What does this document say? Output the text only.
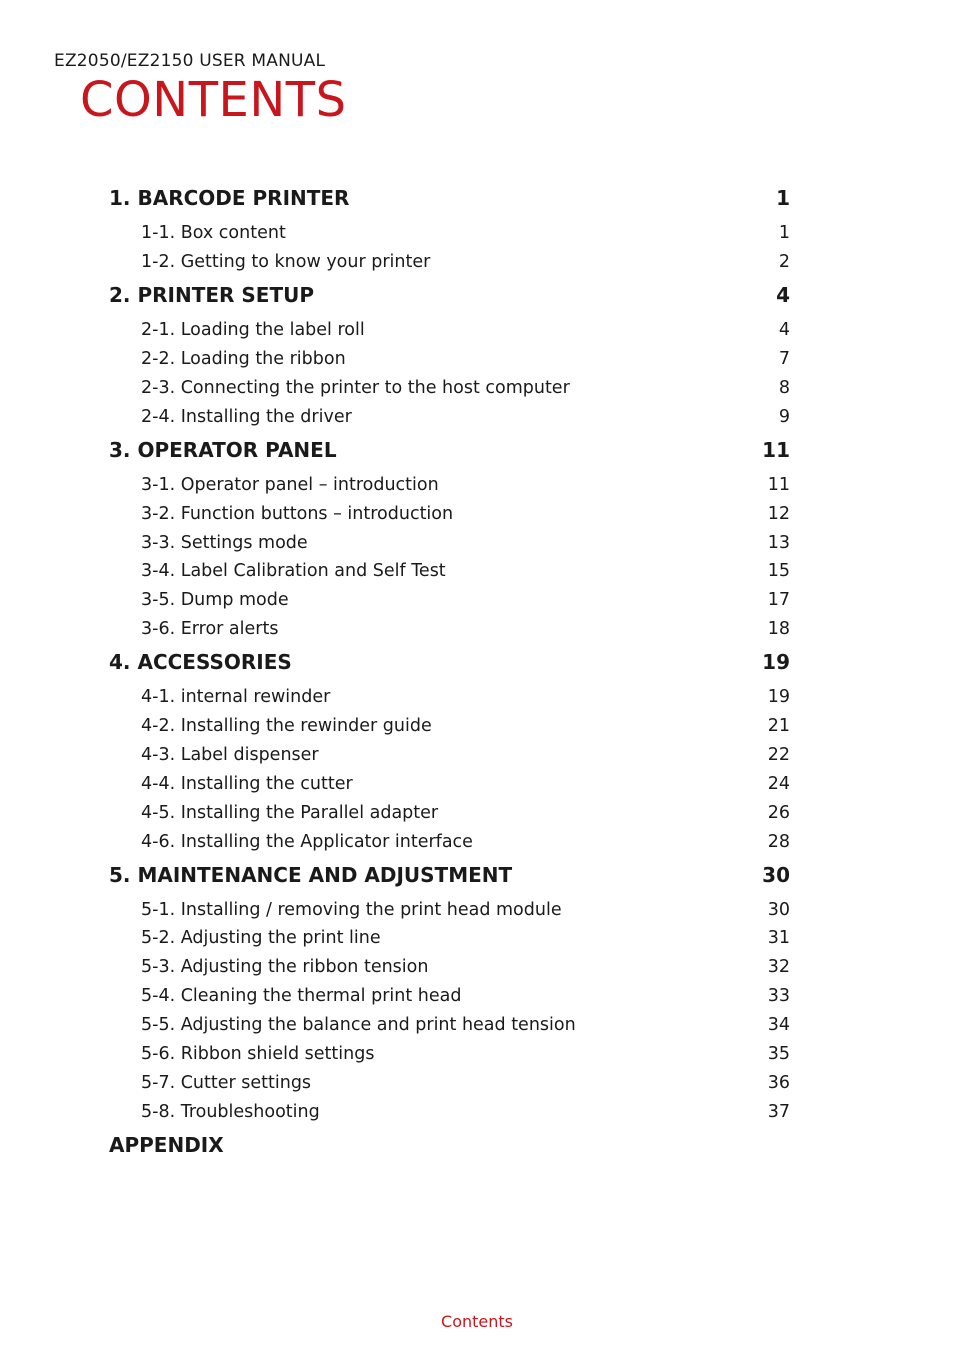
EZ2050/EZ2150 USER MANUAL
CONTENTS
1. BARCODE PRINTER	1
1-1. Box content	1
1-2. Getting to know your printer	2
2. PRINTER SETUP	4
2-1. Loading the label roll	4
2-2. Loading the ribbon	7
2-3. Connecting the printer to the host computer	8
2-4. Installing the driver	9
3. OPERATOR PANEL	11
3-1. Operator panel – introduction	11
3-2. Function buttons – introduction	12
3-3. Settings mode	13
3-4. Label Calibration and Self Test	15
3-5. Dump mode	17
3-6. Error alerts	18
4. ACCESSORIES	19
4-1. internal rewinder	19
4-2. Installing the rewinder guide	21
4-3. Label dispenser	22
4-4. Installing the cutter	24
4-5. Installing the Parallel adapter	26
4-6. Installing the Applicator interface	28
5. MAINTENANCE AND ADJUSTMENT	30
5-1. Installing / removing the print head module	30
5-2. Adjusting the print line	31
5-3. Adjusting the ribbon tension	32
5-4. Cleaning the thermal print head	33
5-5. Adjusting the balance and print head tension	34
5-6. Ribbon shield settings	35
5-7. Cutter settings	36
5-8. Troubleshooting	37
APPENDIX
Contents
